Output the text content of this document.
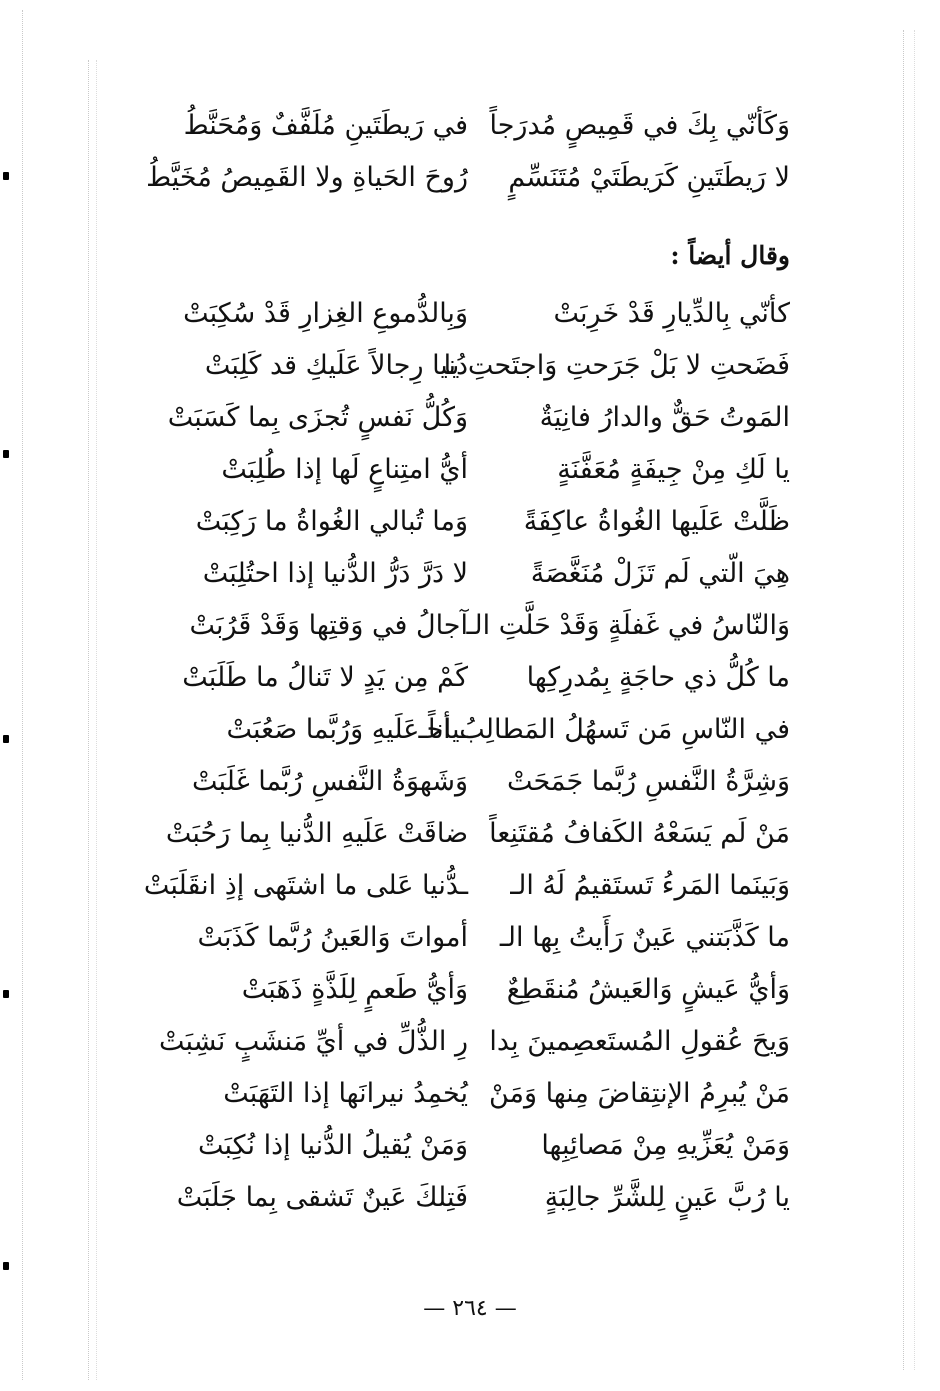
وَكَأنّي بِكَ في قَمِيصٍ مُدرَجاً
في رَيطَتَينِ مُلَفَّفٌ وَمُحَنَّطُ
لا رَيطَتَينِ كَرَيطَتَيْ مُتَنَسِّمٍ
رُوحَ الحَياةِ ولا القَمِيصُ مُخَيَّطُ
وقال أيضاً :
كأنّي بِالدِّيارِ قَدْ خَرِبَتْ
وَبِالدُّموعِ الغِزارِ قَدْ سُكِبَتْ
فَضَحتِ لا بَلْ جَرَحتِ وَاجتَحتِ يا
دُنيا رِجالاً عَلَيكِ قد كَلِبَتْ
المَوتُ حَقٌّ والدارُ فانِيَةٌ
وَكُلُّ نَفسٍ تُجزَى بِما كَسَبَتْ
يا لَكِ مِنْ جِيفَةٍ مُعَفَّنَةٍ
أيُّ امتِناعٍ لَها إذا طُلِبَتْ
ظَلَّتْ عَلَيها الغُواةُ عاكِفَةً
وَما تُبالي الغُواةُ ما رَكِبَتْ
هِيَ الّتي لَم تَزَلْ مُنَغَّصَةً
لا دَرَّ دَرُّ الدُّنيا إذا احتُلِبَتْ
وَالنّاسُ في غَفلَةٍ وَقَدْ حَلَّتِ الـ
آجالُ في وَقتِها وَقَدْ قَرُبَتْ
ما كُلُّ ذي حاجَةٍ بِمُدرِكِها
كَمْ مِن يَدٍ لا تَنالُ ما طَلَبَتْ
في النّاسِ مَن تَسهُلُ المَطالِبُ أحـ
ـياناً عَلَيهِ وَرُبَّما صَعُبَتْ
وَشِرَّةُ النَّفسِ رُبَّما جَمَحَتْ
وَشَهوَةُ النَّفسِ رُبَّما غَلَبَتْ
مَنْ لَم يَسَعْهُ الكَفافُ مُقتَنِعاً
ضاقَتْ عَلَيهِ الدُّنيا بِما رَحُبَتْ
وَبَينَما المَرءُ تَستَقيمُ لَهُ الـ
ـدُّنيا عَلى ما اشتَهى إذِ انقَلَبَتْ
ما كَذَّبَتني عَينٌ رَأَيتُ بِها الـ
أمواتَ وَالعَينُ رُبَّما كَذَبَتْ
وَأيُّ عَيشٍ وَالعَيشُ مُنقَطِعٌ
وَأيُّ طَعمٍ لِلَذَّةٍ ذَهَبَتْ
وَيحَ عُقولِ المُستَعصِمينَ بِدا
رِ الذُّلِّ في أيِّ مَنشَبٍ نَشِبَتْ
مَنْ يُبرِمُ الإنتِقاضَ مِنها وَمَنْ
يُخمِدُ نيرانَها إذا التَهَبَتْ
وَمَنْ يُعَزِّيهِ مِنْ مَصائِبِها
وَمَنْ يُقيلُ الدُّنيا إذا نُكِبَتْ
يا رُبَّ عَينٍ لِلشَّرِّ جالِبَةٍ
فَتِلكَ عَينٌ تَشقى بِما جَلَبَتْ
— ٢٦٤ —
